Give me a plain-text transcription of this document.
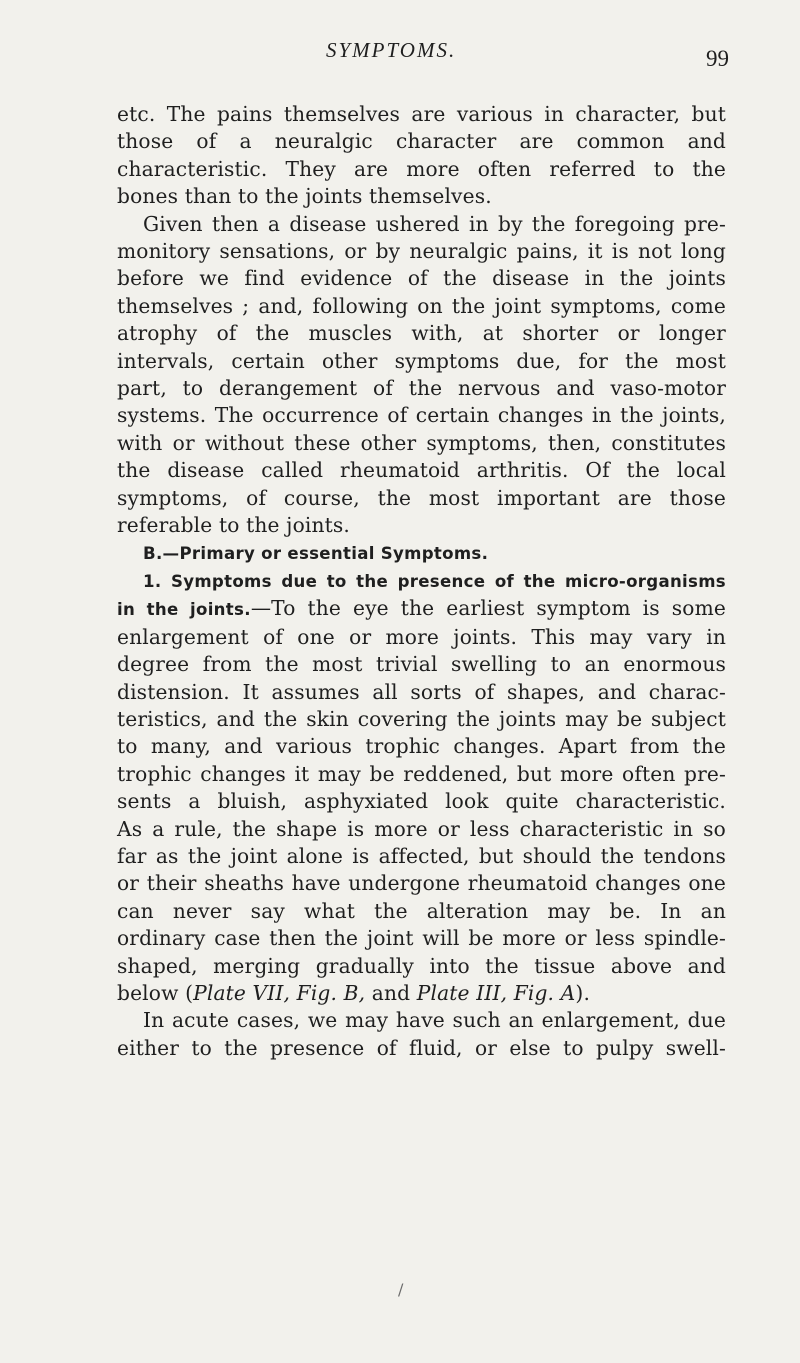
SYMPTOMS.	99
etc. The pains themselves are various in character, but
those of a neuralgic character are common and
characteristic. They are more often referred to the
bones than to the joints themselves.
Given then a disease ushered in by the foregoing pre-
monitory sensations, or by neuralgic pains, it is not long
before we find evidence of the disease in the joints
themselves ; and, following on the joint symptoms, come
atrophy of the muscles with, at shorter or longer
intervals, certain other symptoms due, for the most
part, to derangement of the nervous and vaso-motor
systems. The occurrence of certain changes in the joints,
with or without these other symptoms, then, constitutes
the disease called rheumatoid arthritis. Of the local
symptoms, of course, the most important are those
referable to the joints.
B.—Primary or essential Symptoms.
1. Symptoms due to the presence of the micro-organisms
in the joints.—To the eye the earliest symptom is some
enlargement of one or more joints. This may vary in
degree from the most trivial swelling to an enormous
distension. It assumes all sorts of shapes, and charac-
teristics, and the skin covering the joints may be subject
to many, and various trophic changes. Apart from the
trophic changes it may be reddened, but more often pre-
sents a bluish, asphyxiated look quite characteristic.
As a rule, the shape is more or less characteristic in so
far as the joint alone is affected, but should the tendons
or their sheaths have undergone rheumatoid changes one
can never say what the alteration may be. In an
ordinary case then the joint will be more or less spindle-
shaped, merging gradually into the tissue above and
below (Plate VII, Fig. B, and Plate III, Fig. A).
In acute cases, we may have such an enlargement, due
either to the presence of fluid, or else to pulpy swell-
/
